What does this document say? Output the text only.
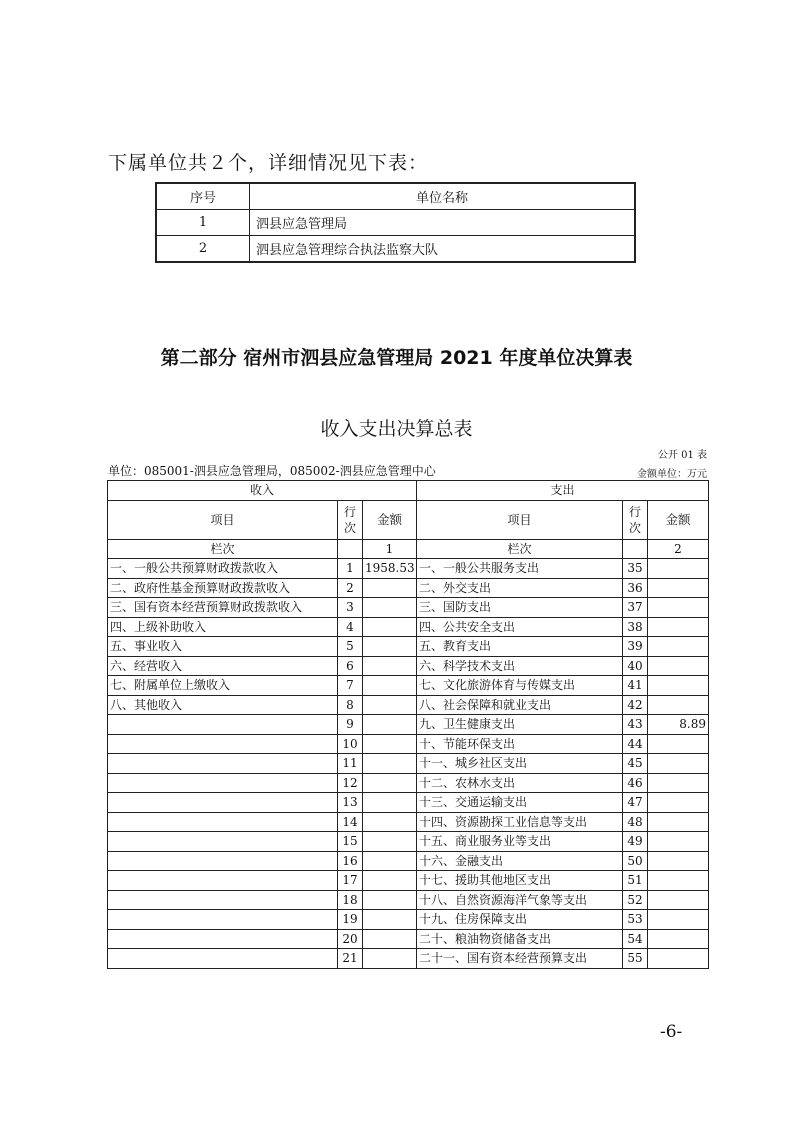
下属单位共２个，详细情况见下表：
序号	单位名称
1	泗县应急管理局
2	泗县应急管理综合执法监察大队
第二部分 宿州市泗县应急管理局 2021 年度单位决算表
收入支出决算总表
公开 01 表
单位：085001-泗县应急管理局，085002-泗县应急管理中心	金额单位：万元
收入			支出		
项目	行次	金额	项目	行次	金额
栏次		1	栏次		2
一、一般公共预算财政拨款收入	1	1958.53	一、一般公共服务支出	35	
二、政府性基金预算财政拨款收入	2		二、外交支出	36	
三、国有资本经营预算财政拨款收入	3		三、国防支出	37	
四、上级补助收入	4		四、公共安全支出	38	
五、事业收入	5		五、教育支出	39	
六、经营收入	6		六、科学技术支出	40	
七、附属单位上缴收入	7		七、文化旅游体育与传媒支出	41	
八、其他收入	8		八、社会保障和就业支出	42	
	9		九、卫生健康支出	43	8.89
	10		十、节能环保支出	44	
	11		十一、城乡社区支出	45	
	12		十二、农林水支出	46	
	13		十三、交通运输支出	47	
	14		十四、资源勘探工业信息等支出	48	
	15		十五、商业服务业等支出	49	
	16		十六、金融支出	50	
	17		十七、援助其他地区支出	51	
	18		十八、自然资源海洋气象等支出	52	
	19		十九、住房保障支出	53	
	20		二十、粮油物资储备支出	54	
	21		二十一、国有资本经营预算支出	55	
-6-
